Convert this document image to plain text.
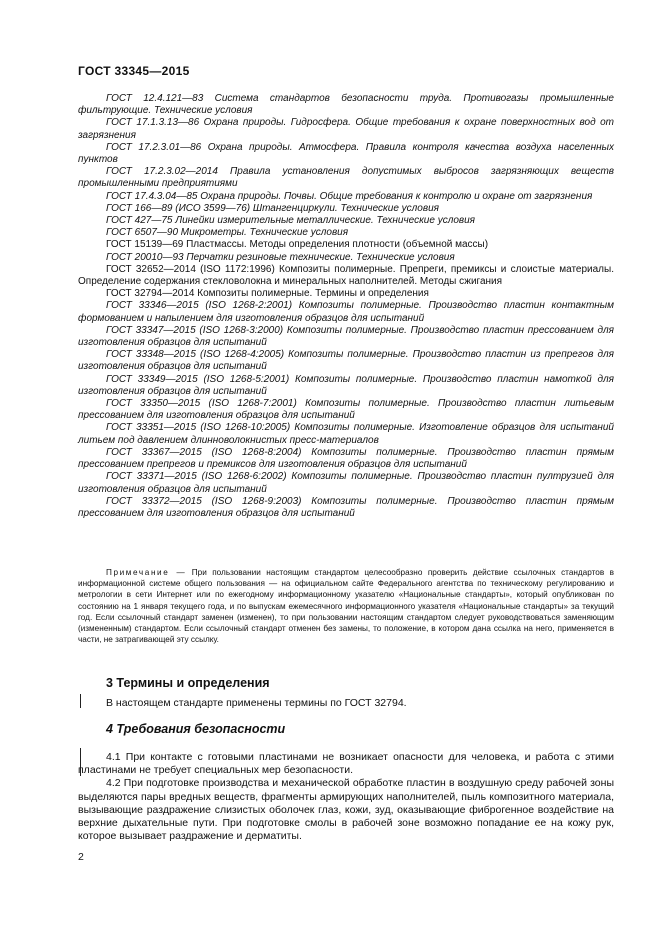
ГОСТ 33345—2015

ГОСТ 12.4.121—83 Система стандартов безопасности труда. Противогазы промышленные фильтрующие. Технические условия

ГОСТ 17.1.3.13—86 Охрана природы. Гидросфера. Общие требования к охране поверхностных вод от загрязнения

ГОСТ 17.2.3.01—86 Охрана природы. Атмосфера. Правила контроля качества воздуха населенных пунктов

ГОСТ 17.2.3.02—2014 Правила установления допустимых выбросов загрязняющих веществ промышленными предприятиями

ГОСТ 17.4.3.04—85 Охрана природы. Почвы. Общие требования к контролю и охране от загрязнения

ГОСТ 166—89 (ИСО 3599—76) Штангенциркули. Технические условия

ГОСТ 427—75 Линейки измерительные металлические. Технические условия

ГОСТ 6507—90 Микрометры. Технические условия

ГОСТ 15139—69 Пластмассы. Методы определения плотности (объемной массы)

ГОСТ 20010—93 Перчатки резиновые технические. Технические условия

ГОСТ 32652—2014 (ISO 1172:1996) Композиты полимерные. Препреги, премиксы и слоистые материалы. Определение содержания стекловолокна и минеральных наполнителей. Методы сжигания

ГОСТ 32794—2014 Композиты полимерные. Термины и определения

ГОСТ 33346—2015 (ISO 1268-2:2001) Композиты полимерные. Производство пластин контактным формованием и напылением для изготовления образцов для испытаний

ГОСТ 33347—2015 (ISO 1268-3:2000) Композиты полимерные. Производство пластин прессованием для изготовления образцов для испытаний

ГОСТ 33348—2015 (ISO 1268-4:2005) Композиты полимерные. Производство пластин из препрегов для изготовления образцов для испытаний

ГОСТ 33349—2015 (ISO 1268-5:2001) Композиты полимерные. Производство пластин намоткой для изготовления образцов для испытаний

ГОСТ 33350—2015 (ISO 1268-7:2001) Композиты полимерные. Производство пластин литьевым прессованием для изготовления образцов для испытаний

ГОСТ 33351—2015 (ISO 1268-10:2005) Композиты полимерные. Изготовление образцов для испытаний литьем под давлением длинноволокнистых пресс-материалов

ГОСТ 33367—2015 (ISO 1268-8:2004) Композиты полимерные. Производство пластин прямым прессованием препрегов и премиксов для изготовления образцов для испытаний

ГОСТ 33371—2015 (ISO 1268-6:2002) Композиты полимерные. Производство пластин пултрузией для изготовления образцов для испытаний

ГОСТ 33372—2015 (ISO 1268-9:2003) Композиты полимерные. Производство пластин прямым прессованием для изготовления образцов для испытаний

Примечание — При пользовании настоящим стандартом целесообразно проверить действие ссылочных стандартов в информационной системе общего пользования — на официальном сайте Федерального агентства по техническому регулированию и метрологии в сети Интернет или по ежегодному информационному указателю «Национальные стандарты», который опубликован по состоянию на 1 января текущего года, и по выпускам ежемесячного информационного указателя «Национальные стандарты» за текущий год. Если ссылочный стандарт заменен (изменен), то при пользовании настоящим стандартом следует руководствоваться заменяющим (измененным) стандартом. Если ссылочный стандарт отменен без замены, то положение, в котором дана ссылка на него, применяется в части, не затрагивающей эту ссылку.

3 Термины и определения

В настоящем стандарте применены термины по ГОСТ 32794.

4 Требования безопасности

4.1 При контакте с готовыми пластинами не возникает опасности для человека, и работа с этими пластинами не требует специальных мер безопасности.

4.2 При подготовке производства и механической обработке пластин в воздушную среду рабочей зоны выделяются пары вредных веществ, фрагменты армирующих наполнителей, пыль композитного материала, вызывающие раздражение слизистых оболочек глаз, кожи, зуд, оказывающие фиброгенное воздействие на верхние дыхательные пути. При подготовке смолы в рабочей зоне возможно попадание ее на кожу рук, которое вызывает раздражение и дерматиты.

2
